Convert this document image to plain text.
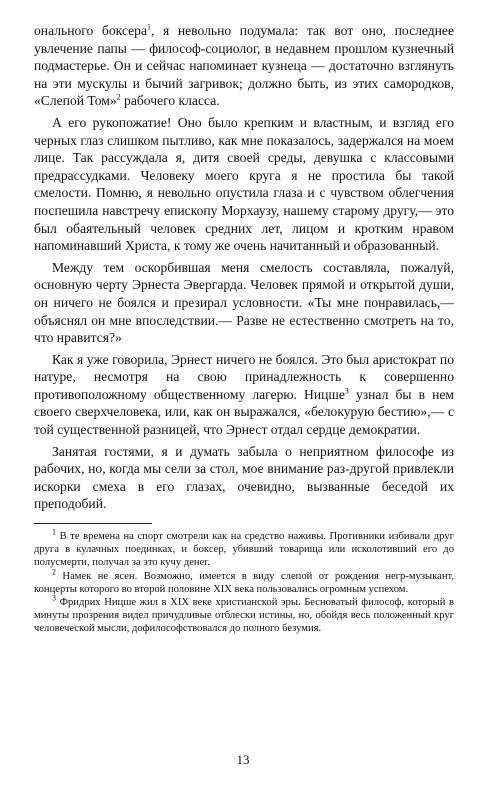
онального боксера$^1$, я невольно подумала: так вот оно, последнее увлечение папы — философ-социолог, в недавнем прошлом кузнечный подмастерье. Он и сейчас напоминает кузнеца — достаточно взглянуть на эти мускулы и бычий загривок; должно быть, из этих самородков, «Слепой Том»$^2$ рабочего класса.

А его рукопожатие! Оно было крепким и властным, и взгляд его черных глаз слишком пытливо, как мне показалось, задержался на моем лице. Так рассуждала я, дитя своей среды, девушка с классовыми предрассудками. Человеку моего круга я не простила бы такой смелости. Помню, я невольно опустила глаза и с чувством облегчения поспешила навстречу епископу Морхаузу, нашему старому другу,— это был обаятельный человек средних лет, лицом и кротким нравом напоминавший Христа, к тому же очень начитанный и образованный.

Между тем оскорбившая меня смелость составляла, пожалуй, основную черту Эрнеста Эвергарда. Человек прямой и открытой души, он ничего не боялся и презирал условности. «Ты мне понравилась,— объяснял он мне впоследствии.— Разве не естественно смотреть на то, что нравится?»

Как я уже говорила, Эрнест ничего не боялся. Это был аристократ по натуре, несмотря на свою принадлежность к совершенно противоположному общественному лагерю. Ницше$^3$ узнал бы в нем своего сверхчеловека, или, как он выражался, «белокурую бестию»,— с той существенной разницей, что Эрнест отдал сердце демократии.

Занятая гостями, я и думать забыла о неприятном философе из рабочих, но, когда мы сели за стол, мое внимание раз-другой привлекли искорки смеха в его глазах, очевидно, вызванные беседой их преподобий.

$^1$ В те времена на спорт смотрели как на средство наживы. Противники избивали друг друга в кулачных поединках, и боксер, убивший товарища или исколотивший его до полусмерти, получал за это кучу денег.

$^2$ Намек не ясен. Возможно, имеется в виду слепой от рождения негр-музыкант, концерты которого во второй половине XIX века пользовались огромным успехом.

$^3$ Фридрих Ницше жил в XIX веке христианской эры. Бесноватый философ, который в минуты прозрения видел причудливые отблески истины, но, обойдя весь положенный круг человеческой мысли, дофилософствовался до полного безумия.

13
